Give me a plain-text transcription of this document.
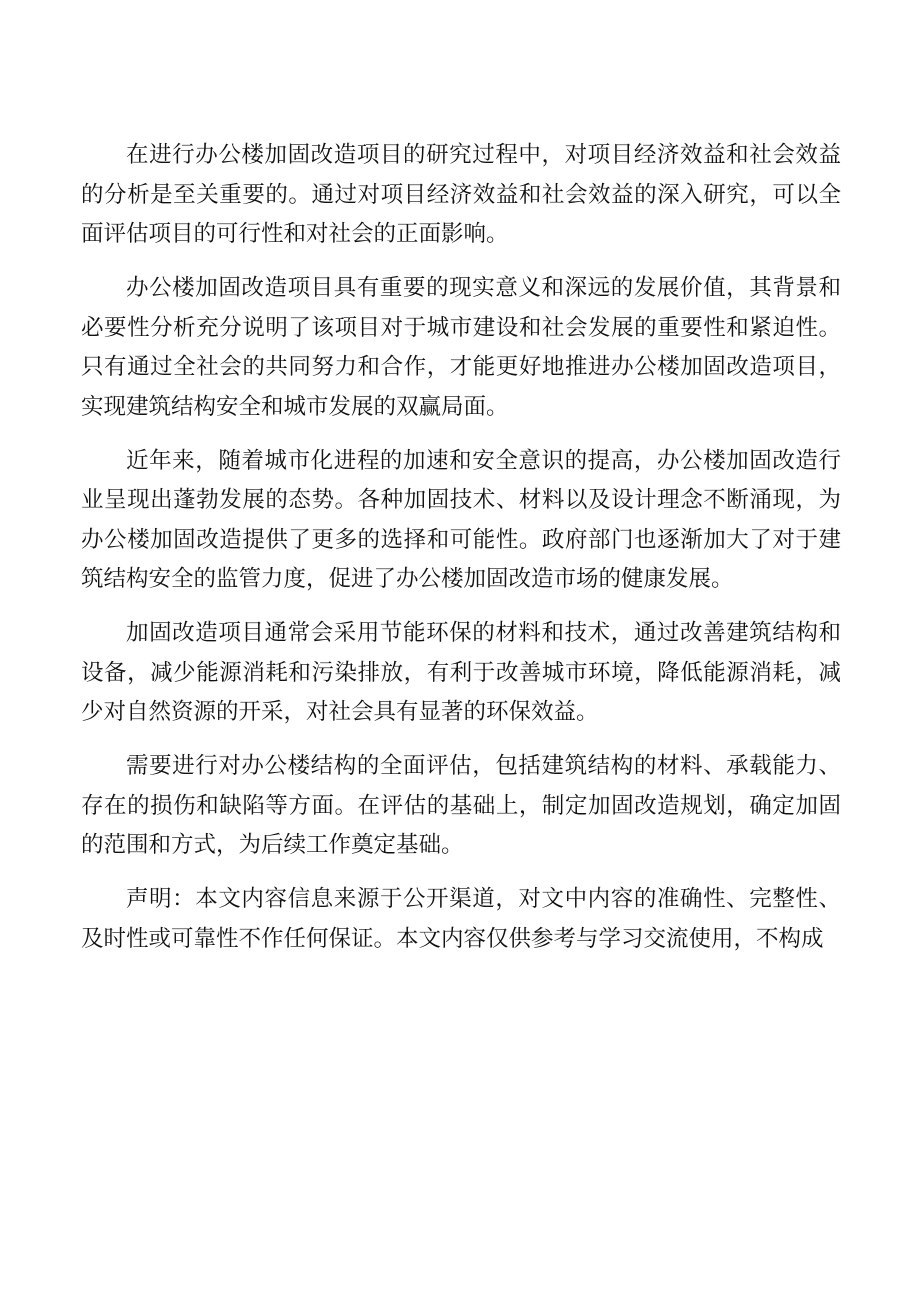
在进行办公楼加固改造项目的研究过程中，对项目经济效益和社会效益的分析是至关重要的。通过对项目经济效益和社会效益的深入研究，可以全面评估项目的可行性和对社会的正面影响。

办公楼加固改造项目具有重要的现实意义和深远的发展价值，其背景和必要性分析充分说明了该项目对于城市建设和社会发展的重要性和紧迫性。只有通过全社会的共同努力和合作，才能更好地推进办公楼加固改造项目，实现建筑结构安全和城市发展的双赢局面。

近年来，随着城市化进程的加速和安全意识的提高，办公楼加固改造行业呈现出蓬勃发展的态势。各种加固技术、材料以及设计理念不断涌现，为办公楼加固改造提供了更多的选择和可能性。政府部门也逐渐加大了对于建筑结构安全的监管力度，促进了办公楼加固改造市场的健康发展。

加固改造项目通常会采用节能环保的材料和技术，通过改善建筑结构和设备，减少能源消耗和污染排放，有利于改善城市环境，降低能源消耗，减少对自然资源的开采，对社会具有显著的环保效益。

需要进行对办公楼结构的全面评估，包括建筑结构的材料、承载能力、存在的损伤和缺陷等方面。在评估的基础上，制定加固改造规划，确定加固的范围和方式，为后续工作奠定基础。

声明：本文内容信息来源于公开渠道，对文中内容的准确性、完整性、及时性或可靠性不作任何保证。本文内容仅供参考与学习交流使用，不构成
